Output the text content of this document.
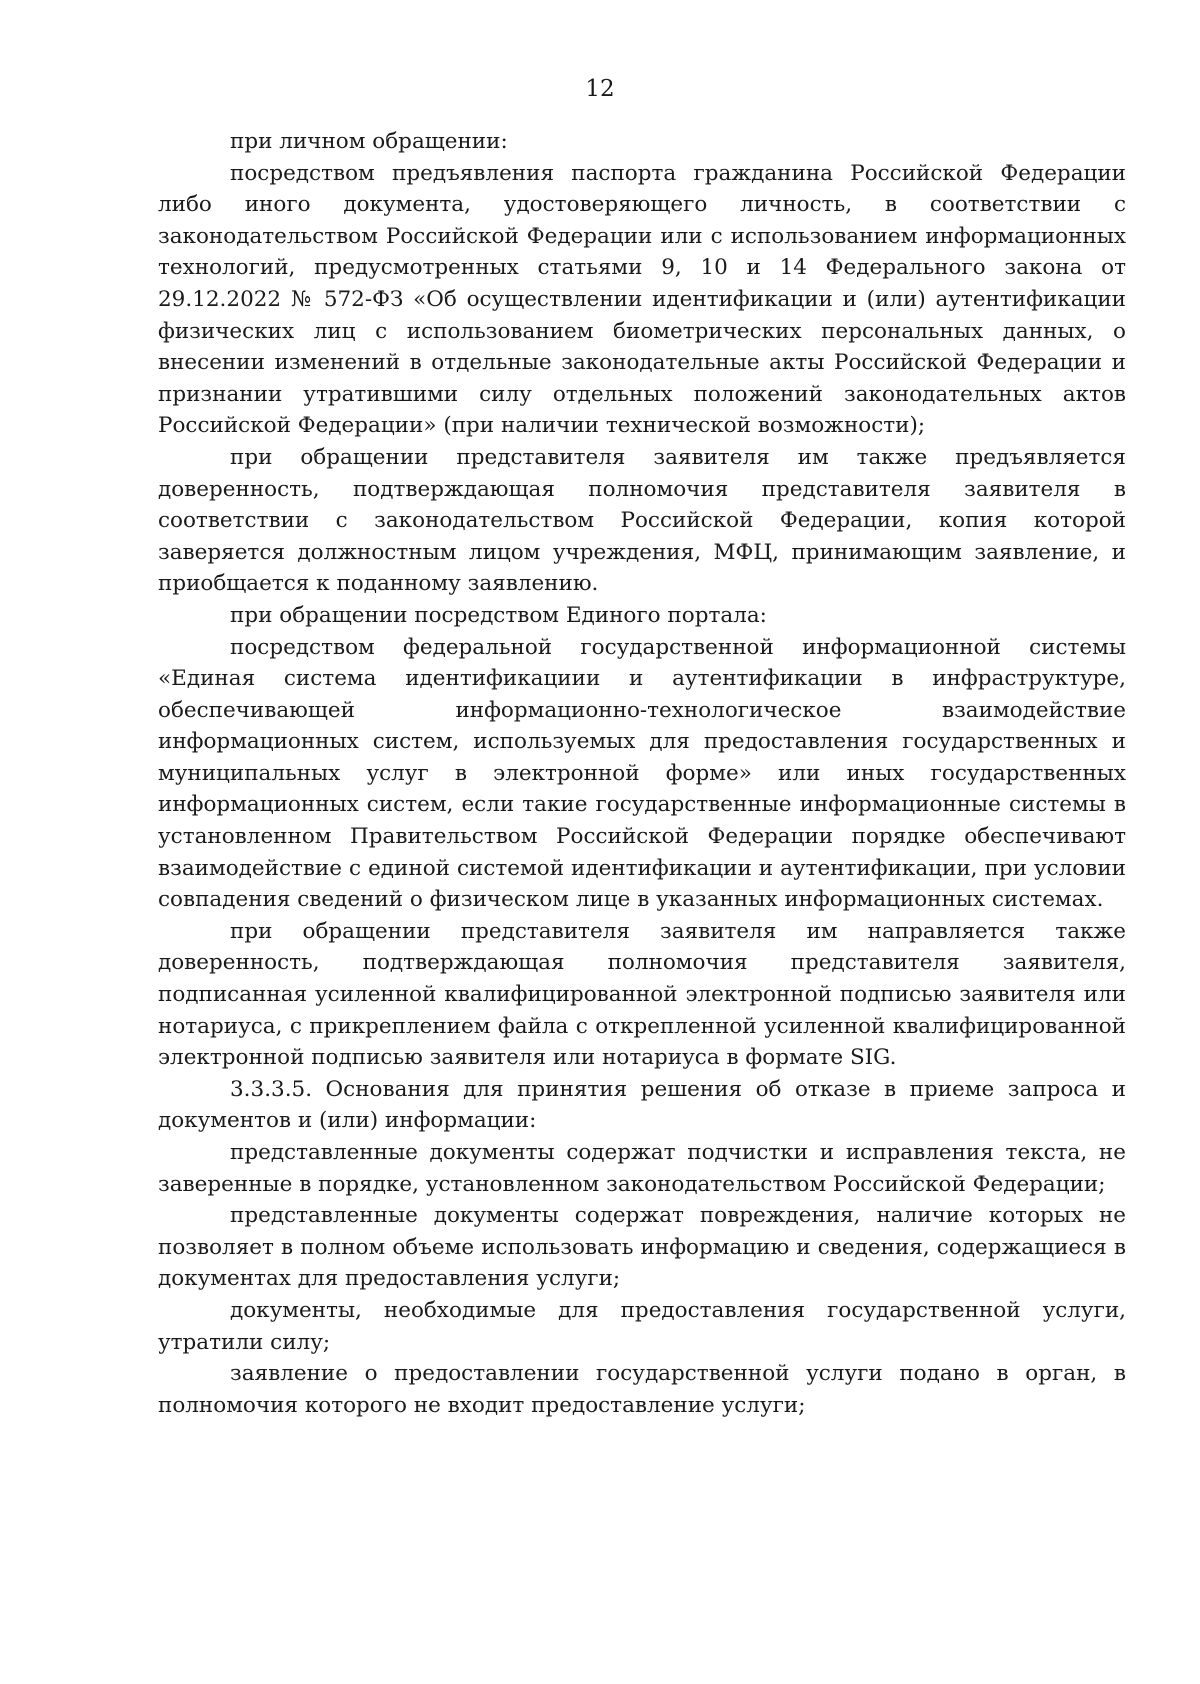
12

при личном обращении:

посредством предъявления паспорта гражданина Российской Федерации либо иного документа, удостоверяющего личность, в соответствии с законодательством Российской Федерации или с использованием информационных технологий, предусмотренных статьями 9, 10 и 14 Федерального закона от 29.12.2022 № 572-ФЗ «Об осуществлении идентификации и (или) аутентификации физических лиц с использованием биометрических персональных данных, о внесении изменений в отдельные законодательные акты Российской Федерации и признании утратившими силу отдельных положений законодательных актов Российской Федерации» (при наличии технической возможности);

при обращении представителя заявителя им также предъявляется доверенность, подтверждающая полномочия представителя заявителя в соответствии с законодательством Российской Федерации, копия которой заверяется должностным лицом учреждения, МФЦ, принимающим заявление, и приобщается к поданному заявлению.

при обращении посредством Единого портала:

посредством федеральной государственной информационной системы «Единая система идентификациии и аутентификации в инфраструктуре, обеспечивающей информационно-технологическое взаимодействие информационных систем, используемых для предоставления государственных и муниципальных услуг в электронной форме» или иных государственных информационных систем, если такие государственные информационные системы в установленном Правительством Российской Федерации порядке обеспечивают взаимодействие с единой системой идентификации и аутентификации, при условии совпадения сведений о физическом лице в указанных информационных системах.

при обращении представителя заявителя им направляется также доверенность, подтверждающая полномочия представителя заявителя, подписанная усиленной квалифицированной электронной подписью заявителя или нотариуса, с прикреплением файла с открепленной усиленной квалифицированной электронной подписью заявителя или нотариуса в формате SIG.

3.3.3.5. Основания для принятия решения об отказе в приеме запроса и документов и (или) информации:

представленные документы содержат подчистки и исправления текста, не заверенные в порядке, установленном законодательством Российской Федерации;

представленные документы содержат повреждения, наличие которых не позволяет в полном объеме использовать информацию и сведения, содержащиеся в документах для предоставления услуги;

документы, необходимые для предоставления государственной услуги, утратили силу;

заявление о предоставлении государственной услуги подано в орган, в полномочия которого не входит предоставление услуги;
